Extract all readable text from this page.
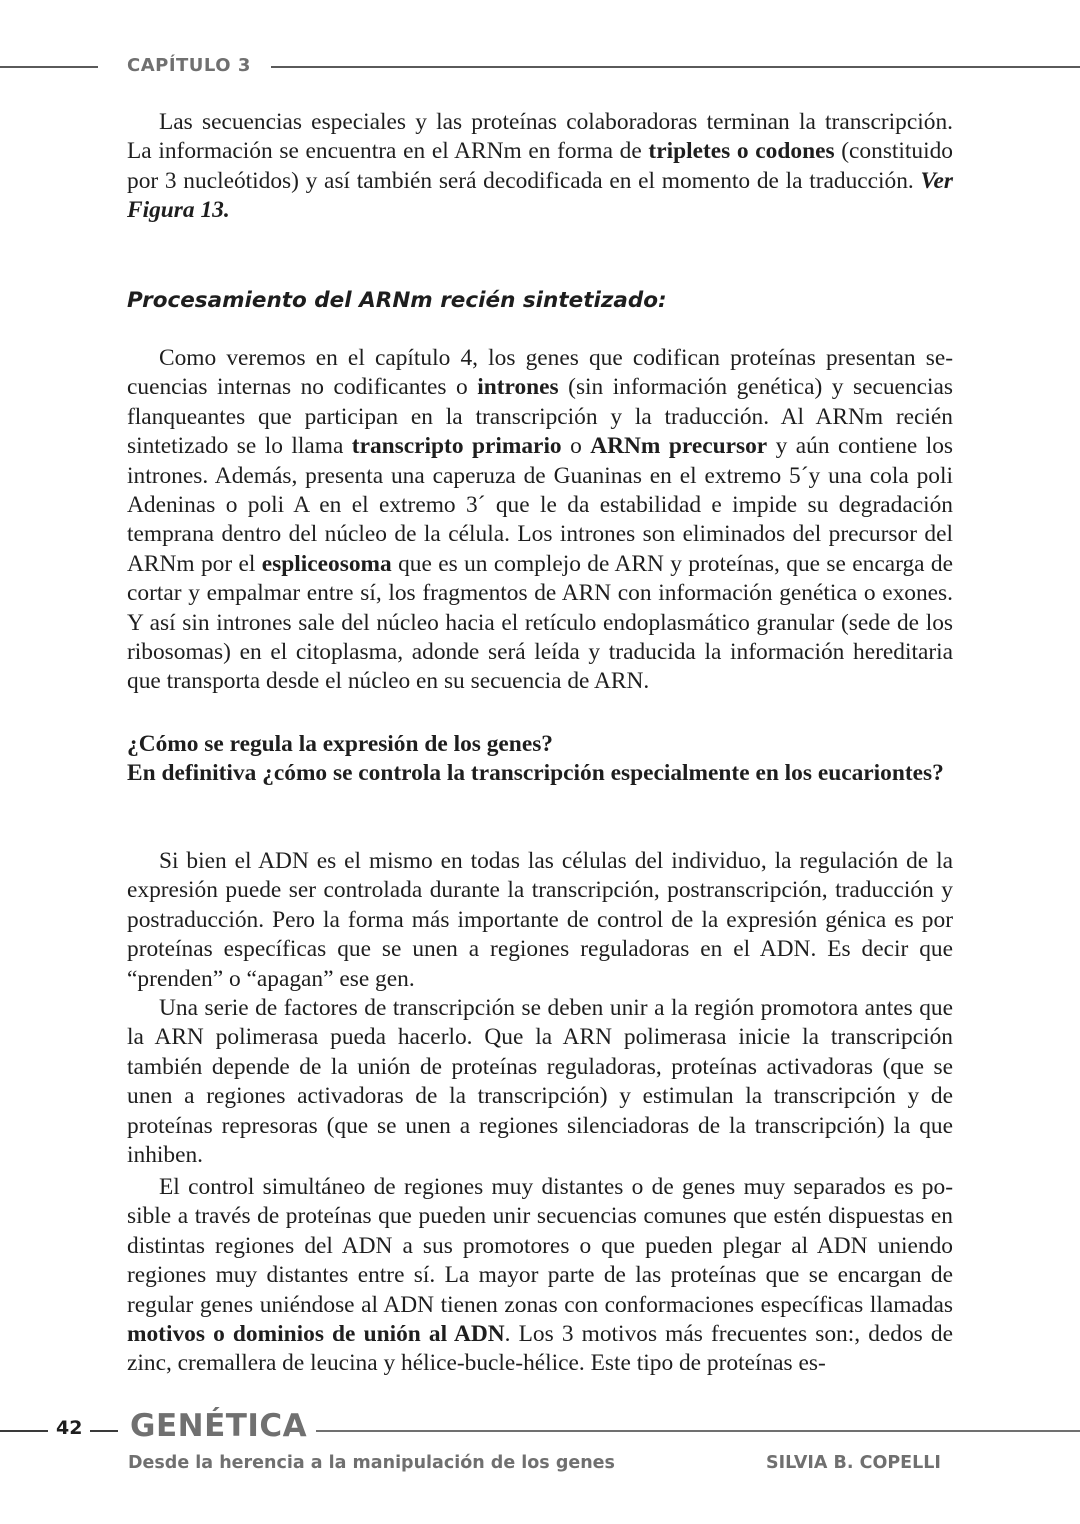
CAPÍTULO 3

Las secuencias especiales y las proteínas colaboradoras terminan la transcripción. La información se encuentra en el ARNm en forma de tripletes o codones (constituido por 3 nucleótidos) y así también será decodificada en el momento de la traducción. Ver Figura 13.

Procesamiento del ARNm recién sintetizado:

Como veremos en el capítulo 4, los genes que codifican proteínas presentan secuencias internas no codificantes o intrones (sin información genética) y secuencias flanqueantes que participan en la transcripción y la traducción. Al ARNm recién sintetizado se lo llama transcripto primario o ARNm precursor y aún contiene los intrones. Además, presenta una caperuza de Guaninas en el extremo 5´y una cola poli Adeninas o poli A en el extremo 3´ que le da estabilidad e impide su degradación temprana dentro del núcleo de la célula. Los intrones son eliminados del precursor del ARNm por el espliceosoma que es un complejo de ARN y proteínas, que se encarga de cortar y empalmar entre sí, los fragmentos de ARN con información genética o exones. Y así sin intrones sale del núcleo hacia el retículo endoplasmático granular (sede de los ribosomas) en el citoplasma, adonde será leída y traducida la información hereditaria que transporta desde el núcleo en su secuencia de ARN.

¿Cómo se regula la expresión de los genes?
En definitiva ¿cómo se controla la transcripción especialmente en los eucariontes?

Si bien el ADN es el mismo en todas las células del individuo, la regulación de la expresión puede ser controlada durante la transcripción, postranscripción, traducción y postraducción. Pero la forma más importante de control de la expresión génica es por proteínas específicas que se unen a regiones reguladoras en el ADN. Es decir que “prenden” o “apagan” ese gen.

Una serie de factores de transcripción se deben unir a la región promotora antes que la ARN polimerasa pueda hacerlo. Que la ARN polimerasa inicie la transcripción también depende de la unión de proteínas reguladoras, proteínas activadoras (que se unen a regiones activadoras de la transcripción) y estimulan la transcripción y de proteínas represoras (que se unen a regiones silenciadoras de la transcripción) la que inhiben.

El control simultáneo de regiones muy distantes o de genes muy separados es posible a través de proteínas que pueden unir secuencias comunes que estén dispuestas en distintas regiones del ADN a sus promotores o que pueden plegar al ADN uniendo regiones muy distantes entre sí. La mayor parte de las proteínas que se encargan de regular genes uniéndose al ADN tienen zonas con conformaciones específicas llamadas motivos o dominios de unión al ADN. Los 3 motivos más frecuentes son:, dedos de zinc, cremallera de leucina y hélice-bucle-hélice. Este tipo de proteínas es-

42 GENÉTICA
Desde la herencia a la manipulación de los genes	SILVIA B. COPELLI
